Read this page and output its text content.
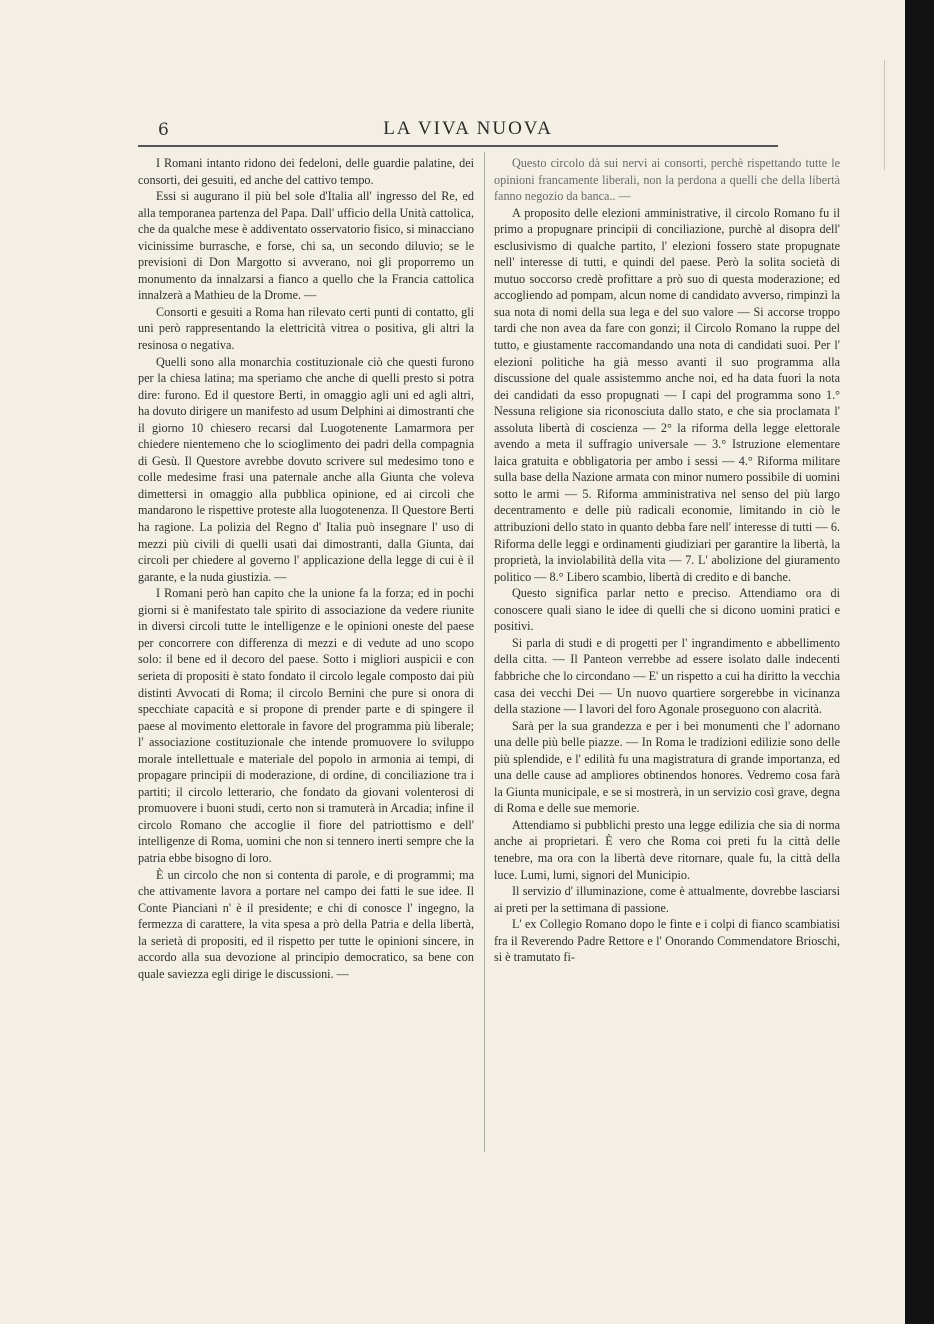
6	LA VIVA NUOVA

I Romani intanto ridono dei fedeloni, delle guardie palatine, dei consorti, dei gesuiti, ed anche del cattivo tempo.

Essi si augurano il più bel sole d'Italia all' ingresso del Re, ed alla temporanea partenza del Papa. Dall' ufficio della Unità cattolica, che da qualche mese è addiventato osservatorio fisico, si minacciano vicinissime burrasche, e forse, chi sa, un secondo diluvio; se le previsioni di Don Margotto si avverano, noi gli proporremo un monumento da innalzarsi a fianco a quello che la Francia cattolica innalzerà a Mathieu de la Drome. —

Consorti e gesuiti a Roma han rilevato certi punti di contatto, gli uni però rappresentando la elettricità vitrea o positiva, gli altri la resinosa o negativa.

Quelli sono alla monarchia costituzionale ciò che questi furono per la chiesa latina; ma speriamo che anche di quelli presto si potra dire: furono. Ed il questore Berti, in omaggio agli uni ed agli altri, ha dovuto dirigere un manifesto ad usum Delphini ai dimostranti che il giorno 10 chiesero recarsi dal Luogotenente Lamarmora per chiedere nientemeno che lo scioglimento dei padri della compagnia di Gesù. Il Questore avrebbe dovuto scrivere sul medesimo tono e colle medesime frasi una paternale anche alla Giunta che voleva dimettersi in omaggio alla pubblica opinione, ed ai circoli che mandarono le rispettive proteste alla luogotenenza. Il Questore Berti ha ragione. La polizia del Regno d' Italia può insegnare l' uso di mezzi più civili di quelli usati dai dimostranti, dalla Giunta, dai circoli per chiedere al governo l' applicazione della legge di cui è il garante, e la nuda giustizia. —

I Romani però han capito che la unione fa la forza; ed in pochi giorni si è manifestato tale spirito di associazione da vedere riunite in diversi circoli tutte le intelligenze e le opinioni oneste del paese per concorrere con differenza di mezzi e di vedute ad uno scopo solo: il bene ed il decoro del paese. Sotto i migliori auspicii e con serieta di propositi è stato fondato il circolo legale composto dai più distinti Avvocati di Roma; il circolo Bernini che pure si onora di specchiate capacità e si propone di prender parte e di spingere il paese al movimento elettorale in favore del programma più liberale; l' associazione costituzionale che intende promuovere lo sviluppo morale intellettuale e materiale del popolo in armonia ai tempi, di propagare principii di moderazione, di ordine, di conciliazione tra i partiti; il circolo letterario, che fondato da giovani volenterosi di promuovere i buoni studi, certo non si tramuterà in Arcadia; infine il circolo Romano che accoglie il fiore del patriottismo e dell' intelligenze di Roma, uomini che non si tennero inerti sempre che la patria ebbe bisogno di loro.

È un circolo che non si contenta di parole, e di programmi; ma che attivamente lavora a portare nel campo dei fatti le sue idee. Il Conte Pianciani n' è il presidente; e chi di conosce l' ingegno, la fermezza di carattere, la vita spesa a prò della Patria e della libertà, la serietà di propositi, ed il rispetto per tutte le opinioni sincere, in accordo alla sua devozione al principio democratico, sa bene con quale saviezza egli dirige le discussioni. —

Questo circolo dà sui nervi ai consorti, perchè rispettando tutte le opinioni francamente liberali, non la perdona a quelli che della libertà fanno negozio da banca.. —

A proposito delle elezioni amministrative, il circolo Romano fu il primo a propugnare principii di conciliazione, purchè al disopra dell' esclusivismo di qualche partito, l' elezioni fossero state propugnate nell' interesse di tutti, e quindi del paese. Però la solita società di mutuo soccorso credè profittare a prò suo di questa moderazione; ed accogliendo ad pompam, alcun nome di candidato avverso, rimpinzì la sua nota di nomi della sua lega e del suo valore — Si accorse troppo tardi che non avea da fare con gonzi; il Circolo Romano la ruppe del tutto, e giustamente raccomandando una nota di candidati suoi. Per l' elezioni politiche ha già messo avanti il suo programma alla discussione del quale assistemmo anche noi, ed ha data fuori la nota dei candidati da esso propugnati — I capi del programma sono 1.° Nessuna religione sia riconosciuta dallo stato, e che sia proclamata l' assoluta libertà di coscienza — 2° la riforma della legge elettorale avendo a meta il suffragio universale — 3.° Istruzione elementare laica gratuita e obbligatoria per ambo i sessi — 4.° Riforma militare sulla base della Nazione armata con minor numero possibile di uomini sotto le armi — 5. Riforma amministrativa nel senso del più largo decentramento e delle più radicali economie, limitando in ciò le attribuzioni dello stato in quanto debba fare nell' interesse di tutti — 6. Riforma delle leggi e ordinamenti giudiziari per garantire la libertà, la proprietà, la inviolabilità della vita — 7. L' abolizione del giuramento politico — 8.° Libero scambio, libertà di credito e di banche.

Questo significa parlar netto e preciso. Attendiamo ora di conoscere quali siano le idee di quelli che si dicono uomini pratici e positivi.

Si parla di studi e di progetti per l' ingrandimento e abbellimento della citta. — Il Panteon verrebbe ad essere isolato dalle indecenti fabbriche che lo circondano — E' un rispetto a cui ha diritto la vecchia casa dei vecchi Dei — Un nuovo quartiere sorgerebbe in vicinanza della stazione — I lavori del foro Agonale proseguono con alacrità.

Sarà per la sua grandezza e per i bei monumenti che l' adornano una delle più belle piazze. — In Roma le tradizioni edilizie sono delle più splendide, e l' edilità fu una magistratura di grande importanza, ed una delle cause ad ampliores obtinendos honores. Vedremo cosa farà la Giunta municipale, e se si mostrerà, in un servizio così grave, degna di Roma e delle sue memorie.

Attendiamo si pubblichi presto una legge edilizia che sia di norma anche ai proprietari. È vero che Roma coi preti fu la città delle tenebre, ma ora con la libertà deve ritornare, quale fu, la città della luce. Lumi, lumi, signori del Municipio.

Il servizio d' illuminazione, come è attualmente, dovrebbe lasciarsi ai preti per la settimana di passione.

L' ex Collegio Romano dopo le finte e i colpi di fianco scambiatisi fra il Reverendo Padre Rettore e l' Onorando Commendatore Brioschi, si è tramutato fi-
